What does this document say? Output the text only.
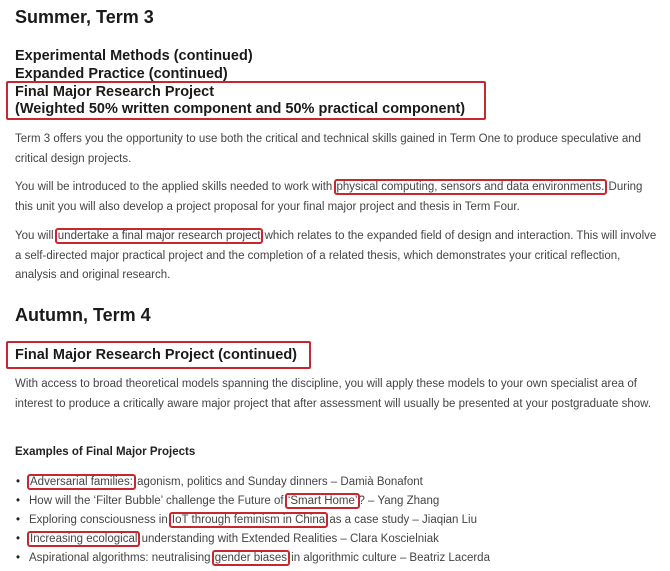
Summer, Term 3
Experimental Methods (continued)
Expanded Practice (continued)
Final Major Research Project
(Weighted 50% written component and 50% practical component)

Term 3 offers you the opportunity to use both the critical and technical skills gained in Term One to produce speculative and critical design projects.

You will be introduced to the applied skills needed to work with physical computing, sensors and data environments. During this unit you will also develop a project proposal for your final major project and thesis in Term Four.

You will undertake a final major research project which relates to the expanded field of design and interaction. This will involve a self-directed major practical project and the completion of a related thesis, which demonstrates your critical reflection, analysis and original research.

Autumn, Term 4
Final Major Research Project (continued)

With access to broad theoretical models spanning the discipline, you will apply these models to your own specialist area of interest to produce a critically aware major project that after assessment will usually be presented at your postgraduate show.

Examples of Final Major Projects
• Adversarial families: agonism, politics and Sunday dinners – Damià Bonafont
• How will the ‘Filter Bubble’ challenge the Future of ‘Smart Home’? – Yang Zhang
• Exploring consciousness in IoT through feminism in China as a case study – Jiaqian Liu
• Increasing ecological understanding with Extended Realities – Clara Koscielniak
• Aspirational algorithms: neutralising gender biases in algorithmic culture – Beatriz Lacerda
